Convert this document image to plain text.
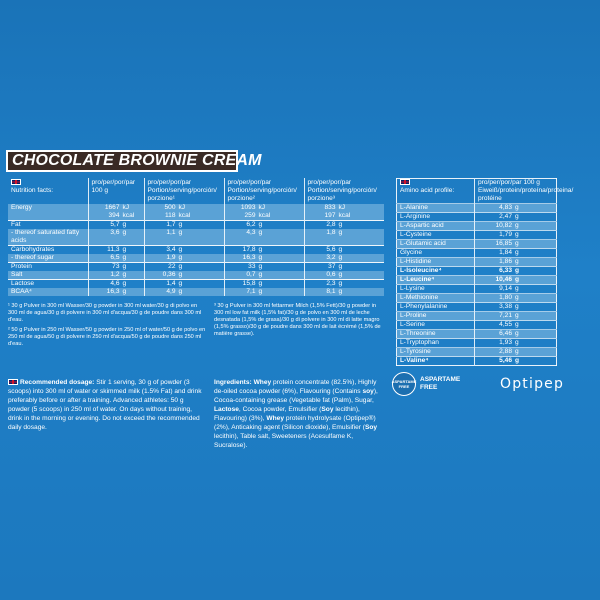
CHOCOLATE BROWNIE CREAM

Nutrition facts:	pro/per/por/par 100 g	pro/per/por/par Portion/serving/porción/ porzione¹	pro/per/por/par Portion/serving/porción/ porzione²	pro/per/por/par Portion/serving/porción/ porzione³
Energy	1667 kJ	500 kJ	1093 kJ	833 kJ
	394 kcal	118 kcal	259 kcal	197 kcal
Fat	5,7 g	1,7 g	6,2 g	2,8 g
- thereof saturated fatty acids	3,6 g	1,1 g	4,3 g	1,8 g
Carbohydrates	11,3 g	3,4 g	17,8 g	5,6 g
- thereof sugar	6,5 g	1,9 g	16,3 g	3,2 g
Protein	73 g	22 g	33 g	37 g
Salt	1,2 g	0,36 g	0,7 g	0,6 g
Lactose	4,6 g	1,4 g	15,8 g	2,3 g
BCAA⁴	16,3 g	4,9 g	7,1 g	8,1 g

Amino acid profile:	pro/per/por/par 100 g Eiweiß/protein/proteína/proteina/ protéine
L-Alanine	4,83 g
L-Arginine	2,47 g
L-Aspartic acid	10,82 g
L-Cysteine	1,79 g
L-Glutamic acid	16,85 g
Glycine	1,84 g
L-Histidine	1,86 g
L-Isoleucine⁴	6,33 g
L-Leucine⁴	10,46 g
L-Lysine	9,14 g
L-Methionine	1,80 g
L-Phenylalanine	3,38 g
L-Proline	7,21 g
L-Serine	4,55 g
L-Threonine	6,46 g
L-Tryptophan	1,93 g
L-Tyrosine	2,88 g
L-Valine⁴	5,46 g
¹ 30 g Pulver in 300 ml Wasser/30 g powder in 300 ml water/30 g di polvo en 300 ml de agua/30 g di polvere in 300 ml d'acqua/30 g de poudre dans 300 ml d'eau.
² 50 g Pulver in 250 ml Wasser/50 g powder in 250 ml of water/50 g de polvo en 250 ml de agua/50 g di polvere in 250 ml d'acqua/50 g de poudre dans 250 ml d'eau.
³ 30 g Pulver in 300 ml fettarmer Milch (1,5% Fett)/30 g powder in 300 ml low fat milk (1,5% fat)/30 g de polvo en 300 ml de leche desnatada (1,5% de grasa)/30 g di polvere in 300 ml di latte magro (1,5% grasso)/30 g de poudre dans 300 ml de lait écrémé (1,5% de matière grasse).
Recommended dosage: Stir 1 serving, 30 g of powder (3 scoops) into 300 ml of water or skimmed milk (1.5% Fat) and drink preferably before or after a training. Advanced athletes: 50 g powder (5 scoops) in 250 ml of water. On days without training, drink in the morning or evening. Do not exceed the recommended daily dosage.
Ingredients: Whey protein concentrate (82.5%), Highly de-oiled cocoa powder (6%), Flavouring (Contains soy), Cocoa-containing grease (Vegetable fat (Palm), Sugar, Lactose, Cocoa powder, Emulsifier (Soy lecithin), Flavouring) (3%), Whey protein hydrolysate (Optipep®) (2%), Anticaking agent (Silicon dioxide), Emulsifier (Soy lecithin), Table salt, Sweeteners (Acesulfame K, Sucralose).
ASPARTAME
FREE
ASPARTAME
FREE	Optipep
